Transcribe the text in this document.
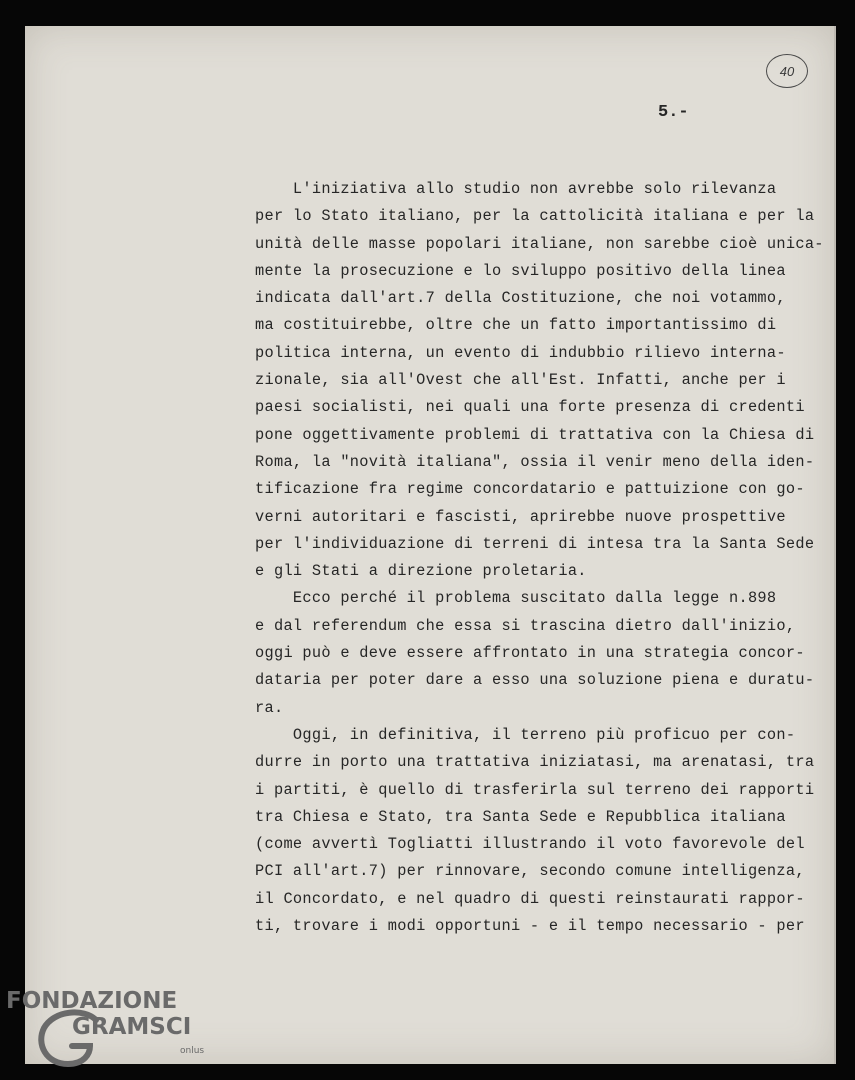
40
5.-
L'iniziativa allo studio non avrebbe solo rilevanza
per lo Stato italiano, per la cattolicità italiana e per la
unità delle masse popolari italiane, non sarebbe cioè unica-
mente la prosecuzione e lo sviluppo positivo della linea
indicata dall'art.7 della Costituzione, che noi votammo,
ma costituirebbe, oltre che un fatto importantissimo di
politica interna, un evento di indubbio rilievo interna-
zionale, sia all'Ovest che all'Est. Infatti, anche per i
paesi socialisti, nei quali una forte presenza di credenti
pone oggettivamente problemi di trattativa con la Chiesa di
Roma, la "novità italiana", ossia il venir meno della iden-
tificazione fra regime concordatario e pattuizione con go-
verni autoritari e fascisti, aprirebbe nuove prospettive
per l'individuazione di terreni di intesa tra la Santa Sede
e gli Stati a direzione proletaria.
Ecco perché il problema suscitato dalla legge n.898
e dal referendum che essa si trascina dietro dall'inizio,
oggi può e deve essere affrontato in una strategia concor-
dataria per poter dare a esso una soluzione piena e duratu-
ra.
Oggi, in definitiva, il terreno più proficuo per con-
durre in porto una trattativa iniziatasi, ma arenatasi, tra
i partiti, è quello di trasferirla sul terreno dei rapporti
tra Chiesa e Stato, tra Santa Sede e Repubblica italiana
(come avvertì Togliatti illustrando il voto favorevole del
PCI all'art.7) per rinnovare, secondo comune intelligenza,
il Concordato, e nel quadro di questi reinstaurati rappor-
ti, trovare i modi opportuni - e il tempo necessario - per
FONDAZIONE
GRAMSCI
onlus
